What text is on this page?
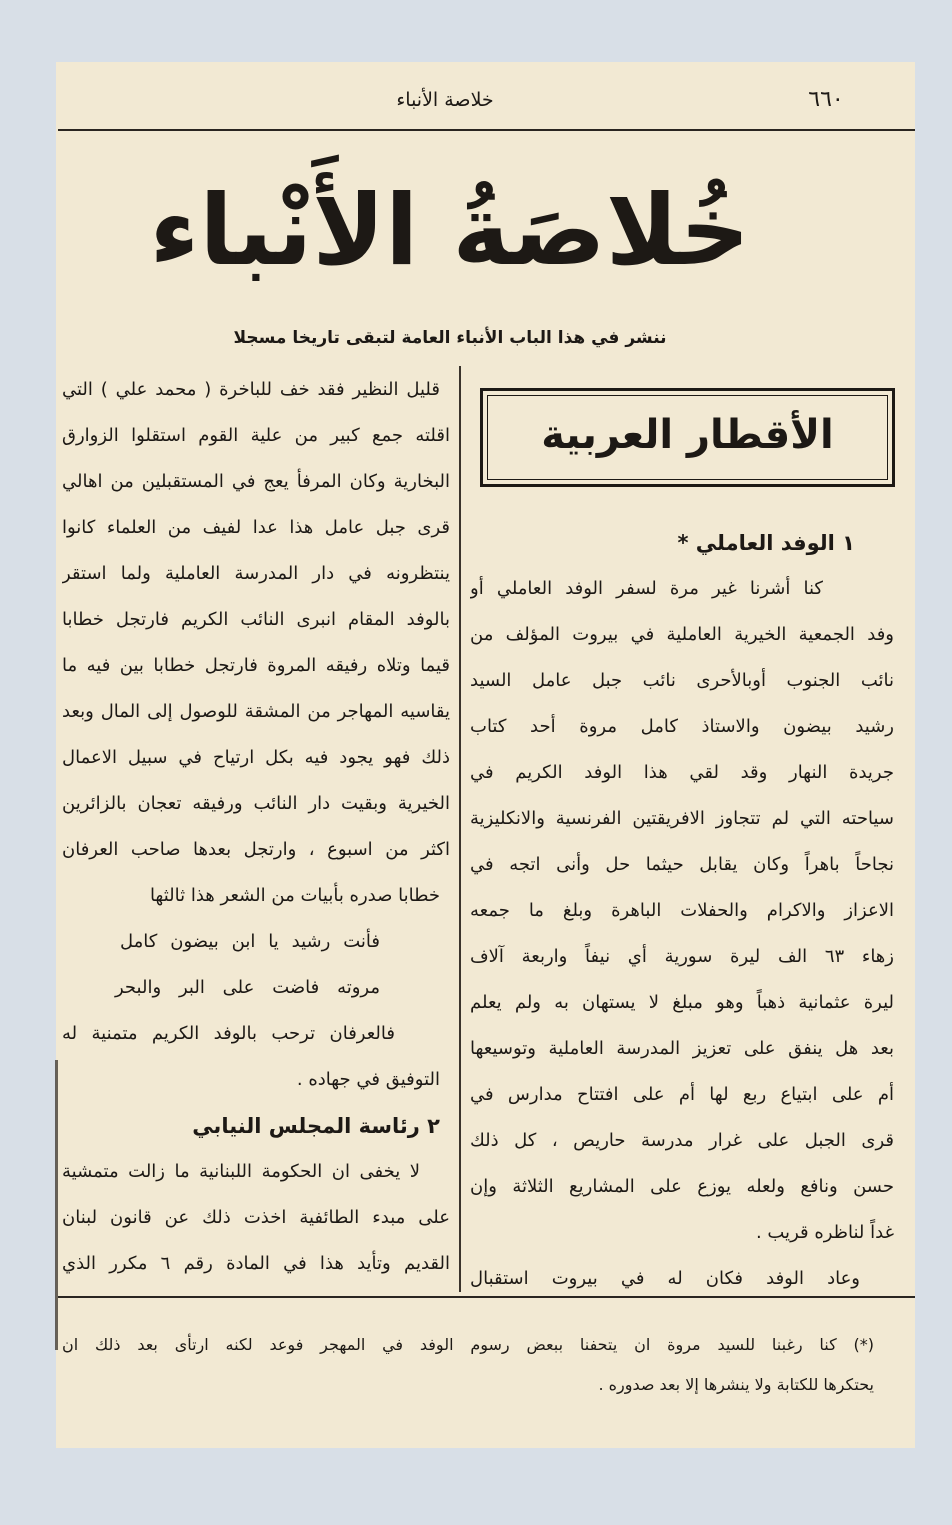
خلاصة الأنباء	٦٦٠
خُلاصَةُ الأَنْباء
ننشر في هذا الباب الأنباء العامة لتبقى تاريخا مسجلا
الأقطار العربية
١ الوفد العاملي *
كنا أشرنا غير مرة لسفر الوفد العاملي أو
وفد الجمعية الخيرية العاملية في بيروت المؤلف من
نائب الجنوب أوبالأحرى نائب جبل عامل السيد
رشيد بيضون والاستاذ كامل مروة أحد كتاب
جريدة النهار وقد لقي هذا الوفد الكريم في
سياحته التي لم تتجاوز الافريقتين الفرنسية والانكليزية
نجاحاً باهراً وكان يقابل حيثما حل وأنى اتجه في
الاعزاز والاكرام والحفلات الباهرة وبلغ ما جمعه
زهاء ٦٣ الف ليرة سورية أي نيفاً واربعة آلاف
ليرة عثمانية ذهباً وهو مبلغ لا يستهان به ولم يعلم
بعد هل ينفق على تعزيز المدرسة العاملية وتوسيعها
أم على ابتياع ربع لها أم على افتتاح مدارس في
قرى الجبل على غرار مدرسة حاريص ، كل ذلك
حسن ونافع ولعله يوزع على المشاريع الثلاثة وإن
غداً لناظره قريب .
وعاد الوفد فكان له في بيروت استقبال
قليل النظير فقد خف للباخرة ( محمد علي ) التي
اقلته جمع كبير من علية القوم استقلوا الزوارق
البخارية وكان المرفأ يعج في المستقبلين من اهالي
قرى جبل عامل هذا عدا لفيف من العلماء كانوا
ينتظرونه في دار المدرسة العاملية ولما استقر
بالوفد المقام انبرى النائب الكريم فارتجل خطابا
قيما وتلاه رفيقه المروة فارتجل خطابا بين فيه ما
يقاسيه المهاجر من المشقة للوصول إلى المال وبعد
ذلك فهو يجود فيه بكل ارتياح في سبيل الاعمال
الخيرية وبقيت دار النائب ورفيقه تعجان بالزائرين
اكثر من اسبوع ، وارتجل بعدها صاحب العرفان
خطابا صدره بأبيات من الشعر هذا ثالثها
فأنت رشيد يا ابن بيضون كامل
مروته فاضت على البر والبحر
فالعرفان ترحب بالوفد الكريم متمنية له
التوفيق في جهاده .
٢ رئاسة المجلس النيابي
لا يخفى ان الحكومة اللبنانية ما زالت متمشية
على مبدء الطائفية اخذت ذلك عن قانون لبنان
القديم وتأيد هذا في المادة رقم ٦ مكرر الذي
(*) كنا رغبنا للسيد مروة ان يتحفنا ببعض رسوم الوفد في المهجر فوعد لكنه ارتأى بعد ذلك ان
يحتكرها للكتابة ولا ينشرها إلا بعد صدوره .
